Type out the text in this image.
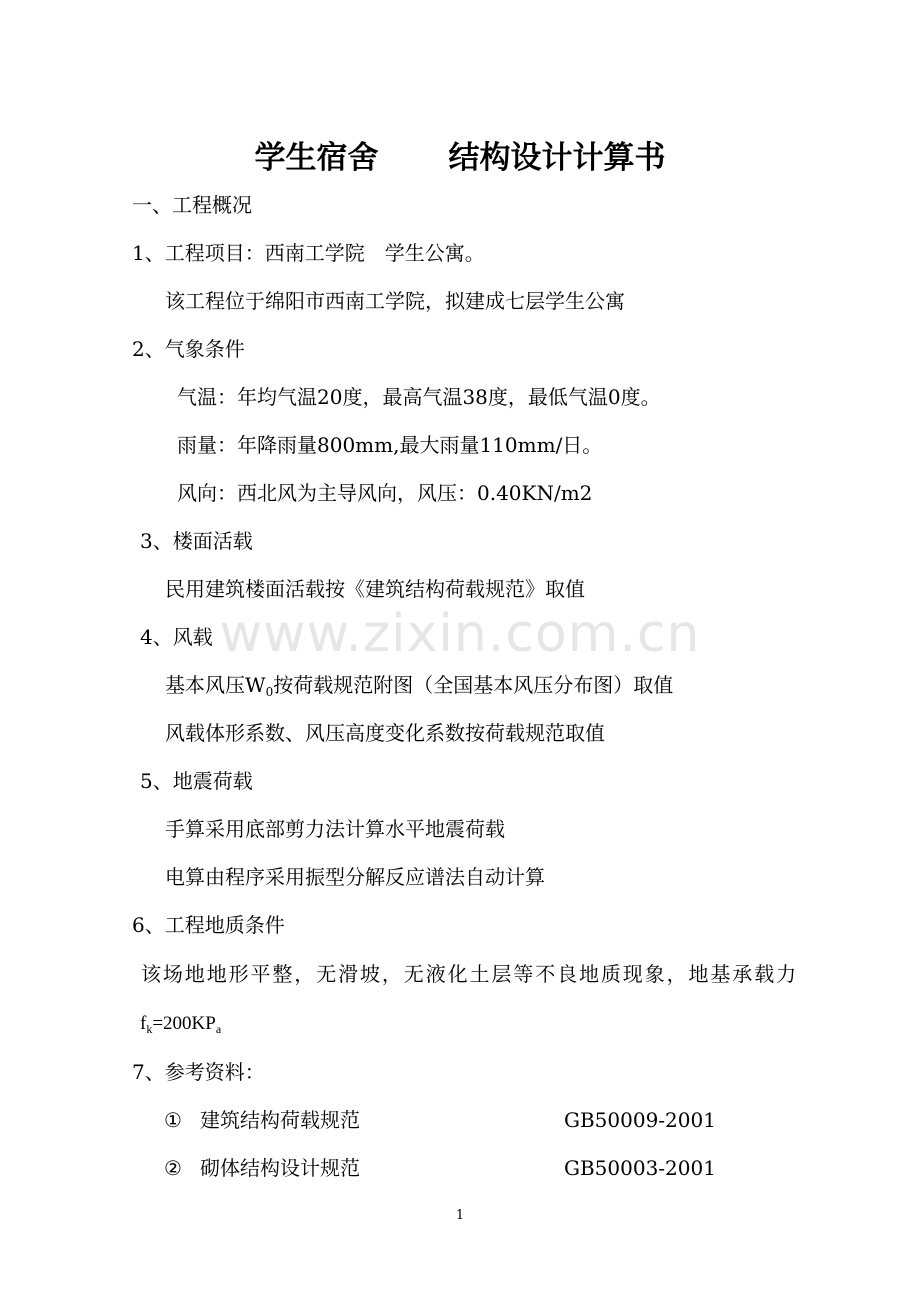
www.zixin.com.cn
学生宿舍 结构设计计算书
一、工程概况
1、工程项目：西南工学院　学生公寓。
该工程位于绵阳市西南工学院，拟建成七层学生公寓
2、气象条件
气温：年均气温20度，最高气温38度，最低气温0度。
雨量：年降雨量800mm,最大雨量110mm/日。
风向：西北风为主导风向，风压：0.40KN/m2
3、楼面活载
民用建筑楼面活载按《建筑结构荷载规范》取值
4、风载
基本风压$W_0$按荷载规范附图（全国基本风压分布图）取值
风载体形系数、风压高度变化系数按荷载规范取值
5、地震荷载
手算采用底部剪力法计算水平地震荷载
电算由程序采用振型分解反应谱法自动计算
6、工程地质条件
该场地地形平整，无滑坡，无液化土层等不良地质现象，地基承载力
$f_k=200KP_a$
7、参考资料：
① 建筑结构荷载规范	GB50009-2001
② 砌体结构设计规范	GB50003-2001
1
